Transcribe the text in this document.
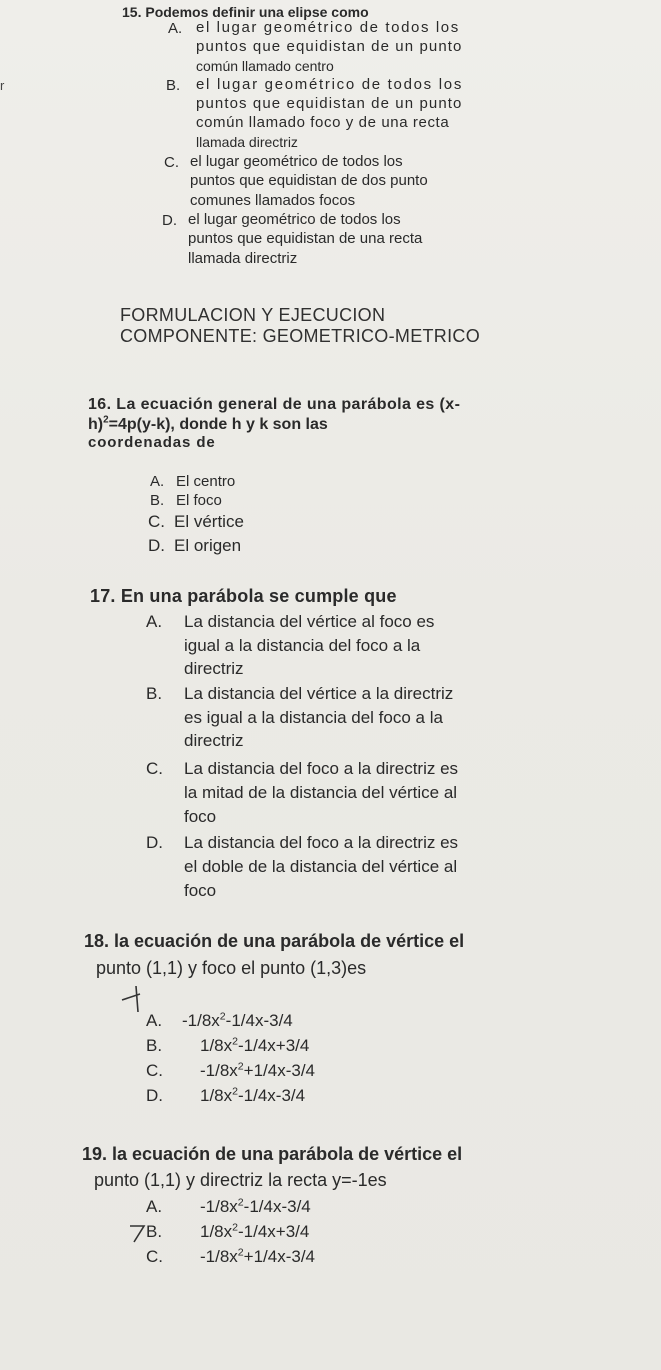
r
15. Podemos definir una elipse como
A. el lugar geométrico de todos los
puntos que equidistan de un punto
común llamado centro
B. el lugar geométrico de todos los
puntos que equidistan de un punto
común llamado foco y de una recta
llamada directriz
C. el lugar geométrico de todos los
puntos que equidistan de dos punto
comunes llamados focos
D. el lugar geométrico de todos los
puntos que equidistan de una recta
llamada directriz
FORMULACION Y EJECUCION
COMPONENTE: GEOMETRICO-METRICO
16. La ecuación general de una parábola es (x-
h)$^2$=4p(y-k), donde h y k son las
coordenadas de
A. El centro
B. El foco
C. El vértice
D. El origen
17. En una parábola se cumple que
A. La distancia del vértice al foco es
igual a la distancia del foco a la
directriz
B. La distancia del vértice a la directriz
es igual a la distancia del foco a la
directriz
C. La distancia del foco a la directriz es
la mitad de la distancia del vértice al
foco
D. La distancia del foco a la directriz es
el doble de la distancia del vértice al
foco
18. la ecuación de una parábola de vértice el
punto (1,1) y foco el punto (1,3)es
A. $-1/8x^2-1/4x-3/4$
B. $1/8x^2-1/4x+3/4$
C. $-1/8x^2+1/4x-3/4$
D. $1/8x^2-1/4x-3/4$
19. la ecuación de una parábola de vértice el
punto (1,1) y directriz la recta y=-1es
A. $-1/8x^2-1/4x-3/4$
B. $1/8x^2-1/4x+3/4$
C. $-1/8x^2+1/4x-3/4$
